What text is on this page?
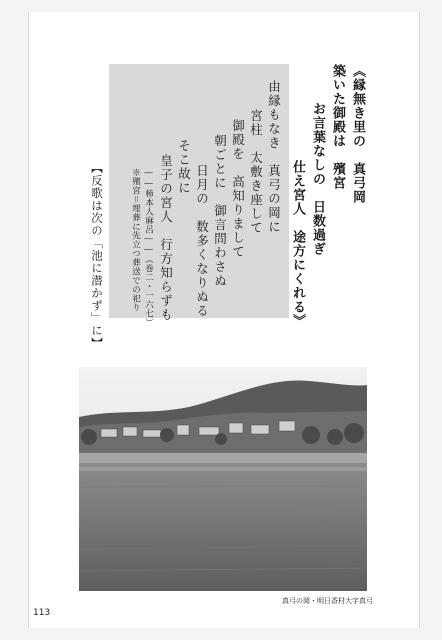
《縁無き里の　真弓岡
築いた御殿は　殯宮
お言葉なしの　日数過ぎ
仕え宮人　途方にくれる》
由縁もなき　真弓の岡に
宮柱　太敷き座して
御殿を　高知りまして
朝ごとに　御言問わさぬ
日月の　数多くなりぬる
そこ故に
皇子の宮人　行方知らずも
――柿本人麻呂――（巻二・一六七）
※殯宮＝埋葬に先立つ葬送での祀り
【反歌は次の「池に潜かず」に】
真弓の岡・明日香村大字真弓
113
